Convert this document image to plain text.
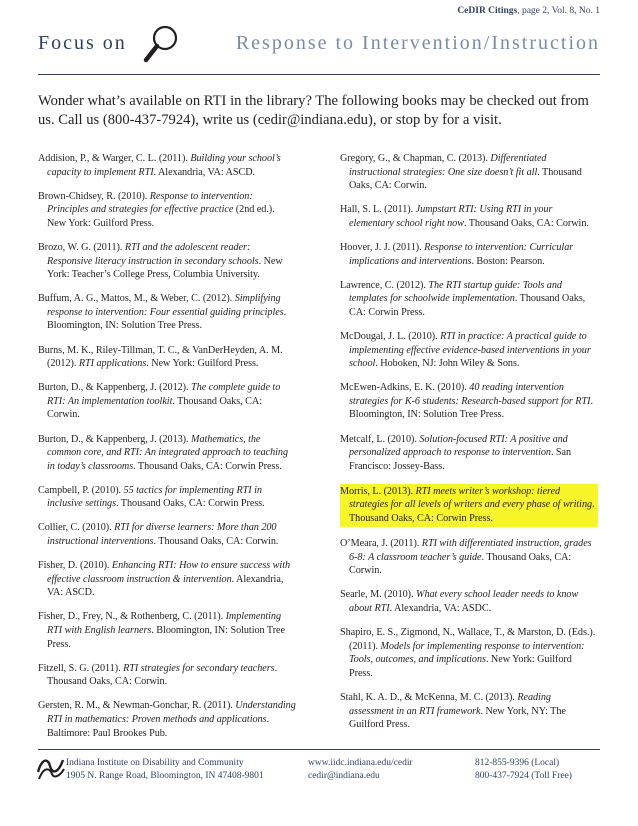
CeDIR Citings, page 2, Vol. 8, No. 1
Focus on	Response to Intervention/Instruction
Wonder what’s available on RTI in the library? The following books may be checked out from us. Call us (800-437-7924), write us (cedir@indiana.edu), or stop by for a visit.

Addision, P., & Warger, C. L. (2011). Building your school’s capacity to implement RTI. Alexandria, VA: ASCD.

Brown-Chidsey, R. (2010). Response to intervention: Principles and strategies for effective practice (2nd ed.). New York: Guilford Press.

Brozo, W. G. (2011). RTI and the adolescent reader: Responsive literacy instruction in secondary schools. New York: Teacher’s College Press, Columbia University.

Buffum, A. G., Mattos, M., & Weber, C. (2012). Simplifying response to intervention: Four essential guiding principles. Bloomington, IN: Solution Tree Press.

Burns, M. K., Riley-Tillman, T. C., & VanDerHeyden, A. M. (2012). RTI applications. New York: Guilford Press.

Burton, D., & Kappenberg, J. (2012). The complete guide to RTI: An implementation toolkit. Thousand Oaks, CA: Corwin.

Burton, D., & Kappenberg, J. (2013). Mathematics, the common core, and RTI: An integrated approach to teaching in today’s classrooms. Thousand Oaks, CA: Corwin Press.

Campbell, P. (2010). 55 tactics for implementing RTI in inclusive settings. Thousand Oaks, CA: Corwin Press.

Collier, C. (2010). RTI for diverse learners: More than 200 instructional interventions. Thousand Oaks, CA: Corwin.

Fisher, D. (2010). Enhancing RTI: How to ensure success with effective classroom instruction & intervention. Alexandria, VA: ASCD.

Fisher, D., Frey, N., & Rothenberg, C. (2011). Implementing RTI with English learners. Bloomington, IN: Solution Tree Press.

Fitzell, S. G. (2011). RTI strategies for secondary teachers. Thousand Oaks, CA: Corwin.

Gersten, R. M., & Newman-Gonchar, R. (2011). Understanding RTI in mathematics: Proven methods and applications. Baltimore: Paul Brookes Pub.

Gregory, G., & Chapman, C. (2013). Differentiated instructional strategies: One size doesn’t fit all. Thousand Oaks, CA: Corwin.

Hall, S. L. (2011). Jumpstart RTI: Using RTI in your elementary school right now. Thousand Oaks, CA: Corwin.

Hoover, J. J. (2011). Response to intervention: Curricular implications and interventions. Boston: Pearson.

Lawrence, C. (2012). The RTI startup guide: Tools and templates for schoolwide implementation. Thousand Oaks, CA: Corwin Press.

McDougal, J. L. (2010). RTI in practice: A practical guide to implementing effective evidence-based interventions in your school. Hoboken, NJ: John Wiley & Sons.

McEwen-Adkins, E. K. (2010). 40 reading intervention strategies for K-6 students: Research-based support for RTI. Bloomington, IN: Solution Tree Press.

Metcalf, L. (2010). Solution-focused RTI: A positive and personalized approach to response to intervention. San Francisco: Jossey-Bass.

Morris, L. (2013). RTI meets writer’s workshop: tiered strategies for all levels of writers and every phase of writing. Thousand Oaks, CA: Corwin Press.

O’Meara, J. (2011). RTI with differentiated instruction, grades 6-8: A classroom teacher’s guide. Thousand Oaks, CA: Corwin.

Searle, M. (2010). What every school leader needs to know about RTI. Alexandria, VA: ASDC.

Shapiro, E. S., Zigmond, N., Wallace, T., & Marston, D. (Eds.). (2011). Models for implementing response to intervention: Tools, outcomes, and implications. New York: Guilford Press.

Stahl, K. A. D., & McKenna, M. C. (2013). Reading assessment in an RTI framework. New York, NY: The Guilford Press.

Indiana Institute on Disability and Community
1905 N. Range Road, Bloomington, IN 47408-9801
www.iidc.indiana.edu/cedir
cedir@indiana.edu
812-855-9396 (Local)
800-437-7924 (Toll Free)
